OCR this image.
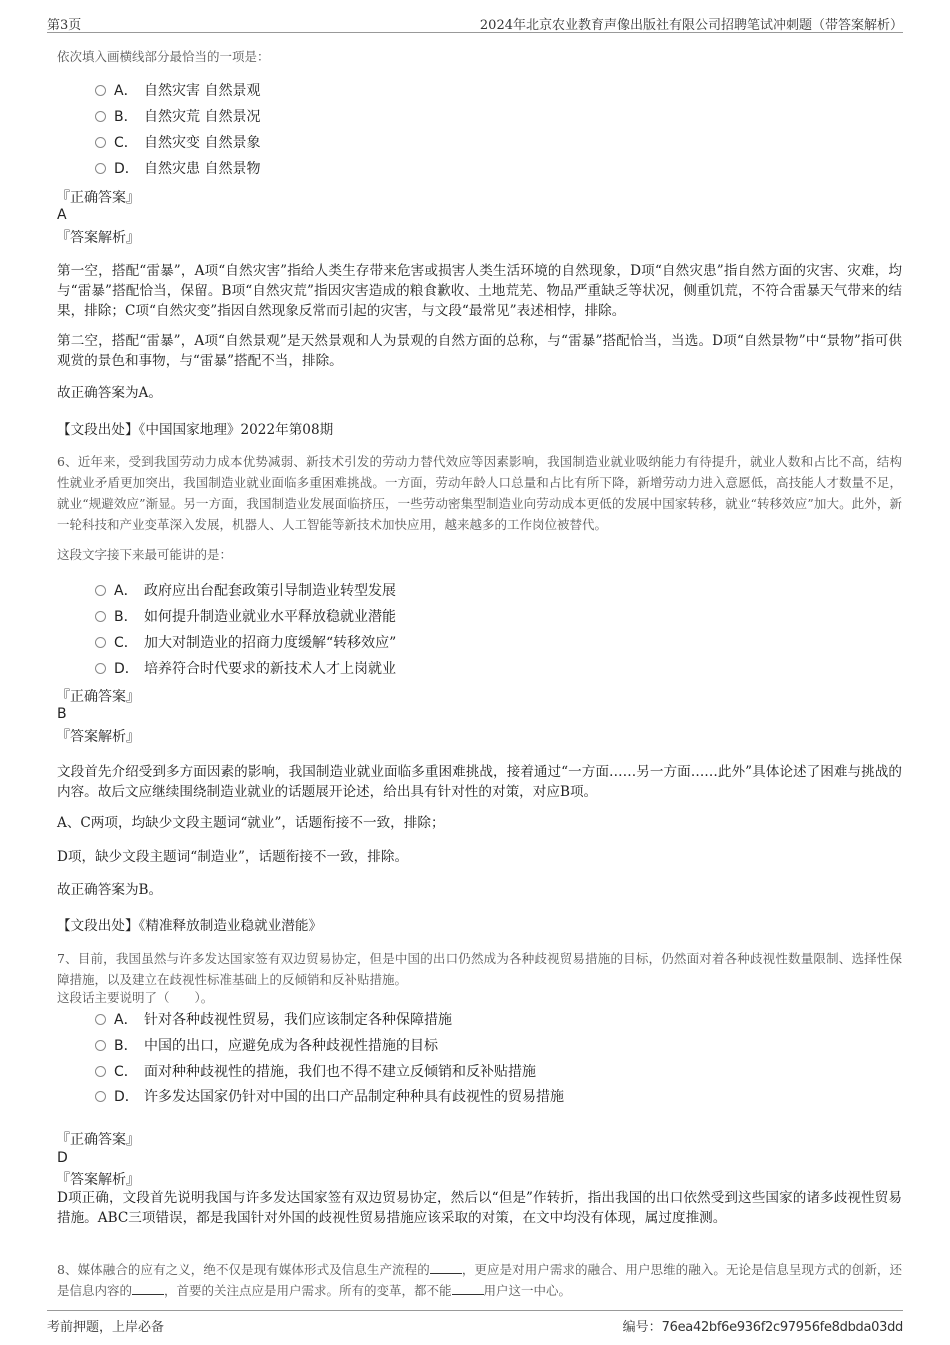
第3页	2024年北京农业教育声像出版社有限公司招聘笔试冲刺题（带答案解析）
依次填入画横线部分最恰当的一项是：
A． 自然灾害 自然景观
B． 自然灾荒 自然景况
C． 自然灾变 自然景象
D． 自然灾患 自然景物
『正确答案』
A
『答案解析』
第一空，搭配“雷暴”，A项“自然灾害”指给人类生存带来危害或损害人类生活环境的自然现象，D项“自然灾患”指自然方面的灾害、灾难，均与“雷暴”搭配恰当，保留。B项“自然灾荒”指因灾害造成的粮食歉收、土地荒芜、物品严重缺乏等状况，侧重饥荒，不符合雷暴天气带来的结果，排除；C项“自然灾变”指因自然现象反常而引起的灾害，与文段“最常见”表述相悖，排除。
第二空，搭配“雷暴”，A项“自然景观”是天然景观和人为景观的自然方面的总称，与“雷暴”搭配恰当，当选。D项“自然景物”中“景物”指可供观赏的景色和事物，与“雷暴”搭配不当，排除。
故正确答案为A。
【文段出处】《中国国家地理》2022年第08期
6、近年来，受到我国劳动力成本优势减弱、新技术引发的劳动力替代效应等因素影响，我国制造业就业吸纳能力有待提升，就业人数和占比不高，结构性就业矛盾更加突出，我国制造业就业面临多重困难挑战。一方面，劳动年龄人口总量和占比有所下降，新增劳动力进入意愿低，高技能人才数量不足，就业“规避效应”渐显。另一方面，我国制造业发展面临挤压，一些劳动密集型制造业向劳动成本更低的发展中国家转移，就业“转移效应”加大。此外，新一轮科技和产业变革深入发展，机器人、人工智能等新技术加快应用，越来越多的工作岗位被替代。
这段文字接下来最可能讲的是：
A． 政府应出台配套政策引导制造业转型发展
B． 如何提升制造业就业水平释放稳就业潜能
C． 加大对制造业的招商力度缓解“转移效应”
D． 培养符合时代要求的新技术人才上岗就业
『正确答案』
B
『答案解析』
文段首先介绍受到多方面因素的影响，我国制造业就业面临多重困难挑战，接着通过“一方面……另一方面……此外”具体论述了困难与挑战的内容。故后文应继续围绕制造业就业的话题展开论述，给出具有针对性的对策，对应B项。
A、C两项，均缺少文段主题词“就业”，话题衔接不一致，排除；
D项，缺少文段主题词“制造业”，话题衔接不一致，排除。
故正确答案为B。
【文段出处】《精准释放制造业稳就业潜能》
7、目前，我国虽然与许多发达国家签有双边贸易协定，但是中国的出口仍然成为各种歧视贸易措施的目标，仍然面对着各种歧视性数量限制、选择性保障措施，以及建立在歧视性标准基础上的反倾销和反补贴措施。
这段话主要说明了（　　）。
A． 针对各种歧视性贸易，我们应该制定各种保障措施
B． 中国的出口，应避免成为各种歧视性措施的目标
C． 面对种种歧视性的措施，我们也不得不建立反倾销和反补贴措施
D． 许多发达国家仍针对中国的出口产品制定种种具有歧视性的贸易措施
『正确答案』
D
『答案解析』
D项正确，文段首先说明我国与许多发达国家签有双边贸易协定，然后以“但是”作转折，指出我国的出口依然受到这些国家的诸多歧视性贸易措施。ABC三项错误，都是我国针对外国的歧视性贸易措施应该采取的对策，在文中均没有体现，属过度推测。
8、媒体融合的应有之义，绝不仅是现有媒体形式及信息生产流程的	，更应是对用户需求的融合、用户思维的融入。无论是信息呈现方式的创新，还是信息内容的	，首要的关注点应是用户需求。所有的变革，都不能	用户这一中心。
考前押题，上岸必备	编号：76ea42bf6e936f2c97956fe8dbda03dd
